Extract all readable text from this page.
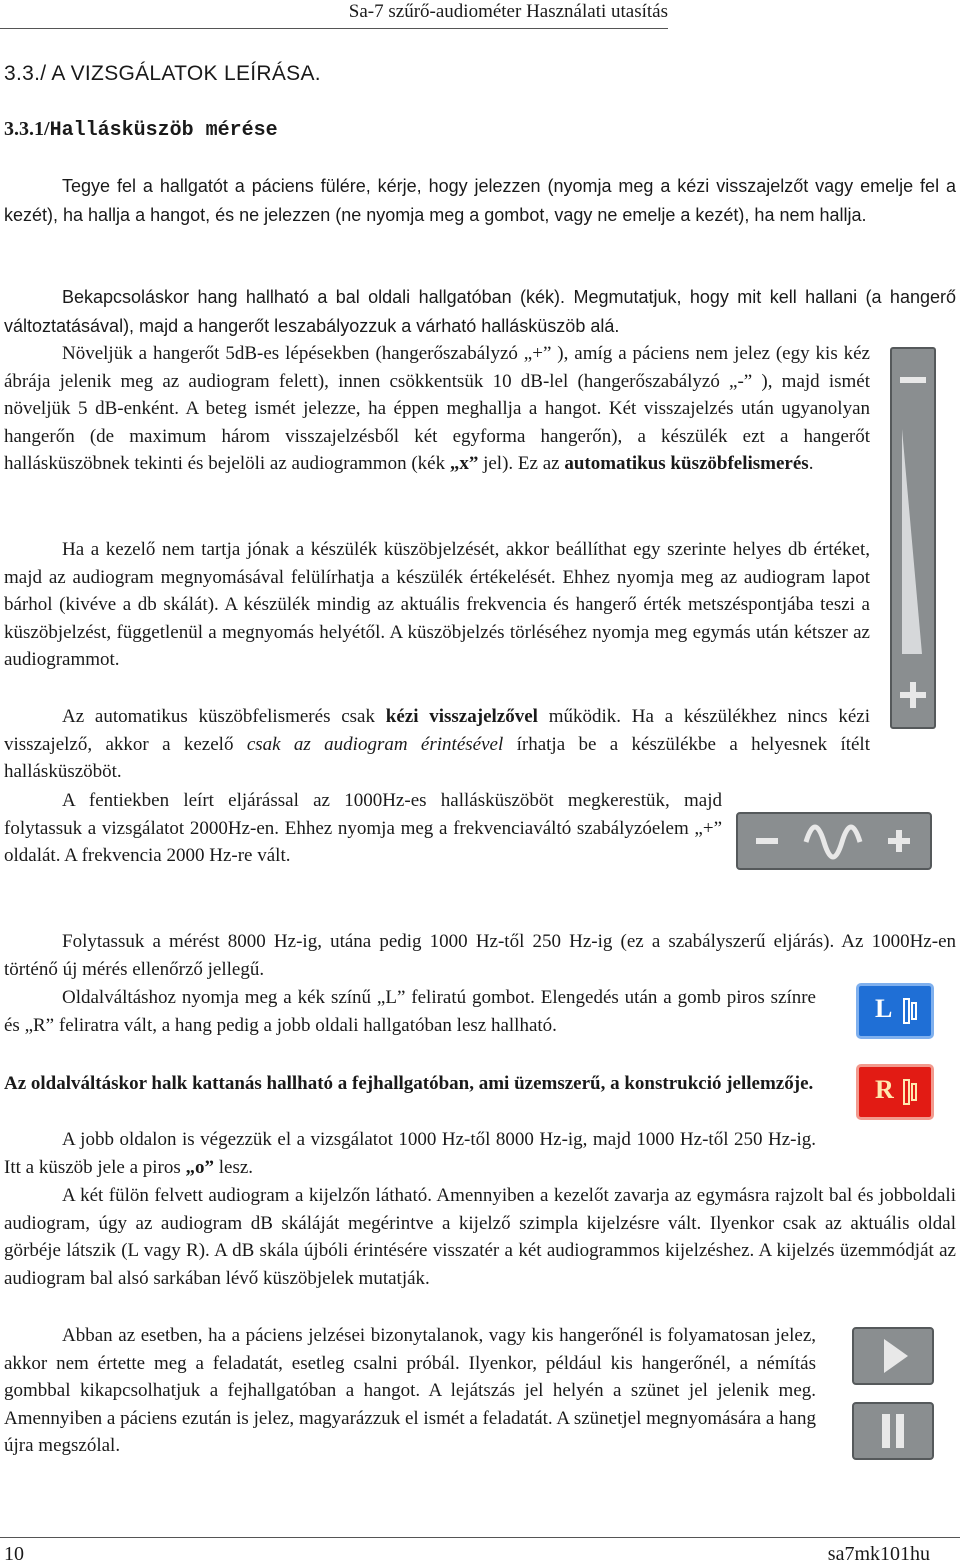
Sa-7 szűrő-audiométer Használati utasítás
3.3./ A VIZSGÁLATOK LEÍRÁSA.
3.3.1/Hallásküszöb mérése

Tegye fel a hallgatót a páciens fülére, kérje, hogy jelezzen (nyomja meg a kézi visszajelzőt vagy emelje fel a kezét), ha hallja a hangot, és ne jelezzen (ne nyomja meg a gombot, vagy ne emelje a kezét), ha nem hallja.

Bekapcsoláskor hang hallható a bal oldali hallgatóban (kék). Megmutatjuk, hogy mit kell hallani (a hangerő változtatásával), majd a hangerőt leszabályozzuk a várható hallásküszöb alá.

Növeljük a hangerőt 5dB-es lépésekben (hangerőszabályzó „+” ), amíg a páciens nem jelez (egy kis kéz ábrája jelenik meg az audiogram felett), innen csökkentsük 10 dB-lel (hangerőszabályzó „-” ), majd ismét növeljük 5 dB-enként. A beteg ismét jelezze, ha éppen meghallja a hangot. Két visszajelzés után ugyanolyan hangerőn (de maximum három visszajelzésből két egyforma hangerőn), a készülék ezt a hangerőt hallásküszöbnek tekinti és bejelöli az audiogrammon (kék „x” jel). Ez az automatikus küszöbfelismerés.

Ha a kezelő nem tartja jónak a készülék küszöbjelzését, akkor beállíthat egy szerinte helyes db értéket, majd az audiogram megnyomásával felülírhatja a készülék értékelését. Ehhez nyomja meg az audiogram lapot bárhol (kivéve a db skálát). A készülék mindig az aktuális frekvencia és hangerő érték metszéspontjába teszi a küszöbjelzést, függetlenül a megnyomás helyétől. A küszöbjelzés törléséhez nyomja meg egymás után kétszer az audiogrammot.

Az automatikus küszöbfelismerés csak kézi visszajelzővel működik. Ha a készülékhez nincs kézi visszajelző, akkor a kezelő csak az audiogram érintésével írhatja be a készülékbe a helyesnek ítélt hallásküszöböt.

A fentiekben leírt eljárással az 1000Hz-es hallásküszöböt megkerestük, majd folytassuk a vizsgálatot 2000Hz-en. Ehhez nyomja meg a frekvenciaváltó szabályzóelem „+” oldalát. A frekvencia 2000 Hz-re vált.

Folytassuk a mérést 8000 Hz-ig, utána pedig 1000 Hz-től 250 Hz-ig (ez a szabályszerű eljárás). Az 1000Hz-en történő új mérés ellenőrző jellegű.

Oldalváltáshoz nyomja meg a kék színű „L” feliratú gombot. Elengedés után a gomb piros színre és „R” feliratra vált, a hang pedig a jobb oldali hallgatóban lesz hallható.

Az oldalváltáskor halk kattanás hallható a fejhallgatóban, ami üzemszerű, a konstrukció jellemzője.

A jobb oldalon is végezzük el a vizsgálatot 1000 Hz-től 8000 Hz-ig, majd 1000 Hz-től 250 Hz-ig. Itt a küszöb jele a piros „o” lesz.

A két fülön felvett audiogram a kijelzőn látható. Amennyiben a kezelőt zavarja az egymásra rajzolt bal és jobboldali audiogram, úgy az audiogram dB skáláját megérintve a kijelző szimpla kijelzésre vált. Ilyenkor csak az aktuális oldal görbéje látszik (L vagy R). A dB skála újbóli érintésére visszatér a két audiogrammos kijelzéshez. A kijelzés üzemmódját az audiogram bal alsó sarkában lévő küszöbjelek mutatják.

Abban az esetben, ha a páciens jelzései bizonytalanok, vagy kis hangerőnél is folyamatosan jelez, akkor nem értette meg a feladatát, esetleg csalni próbál. Ilyenkor, például kis hangerőnél, a némítás gombbal kikapcsolhatjuk a fejhallgatóban a hangot. A lejátszás jel helyén a szünet jel jelenik meg. Amennyiben a páciens ezután is jelez, magyarázzuk el ismét a feladatát. A szünetjel megnyomására a hang újra megszólal.

L
R
10	sa7mk101hu
